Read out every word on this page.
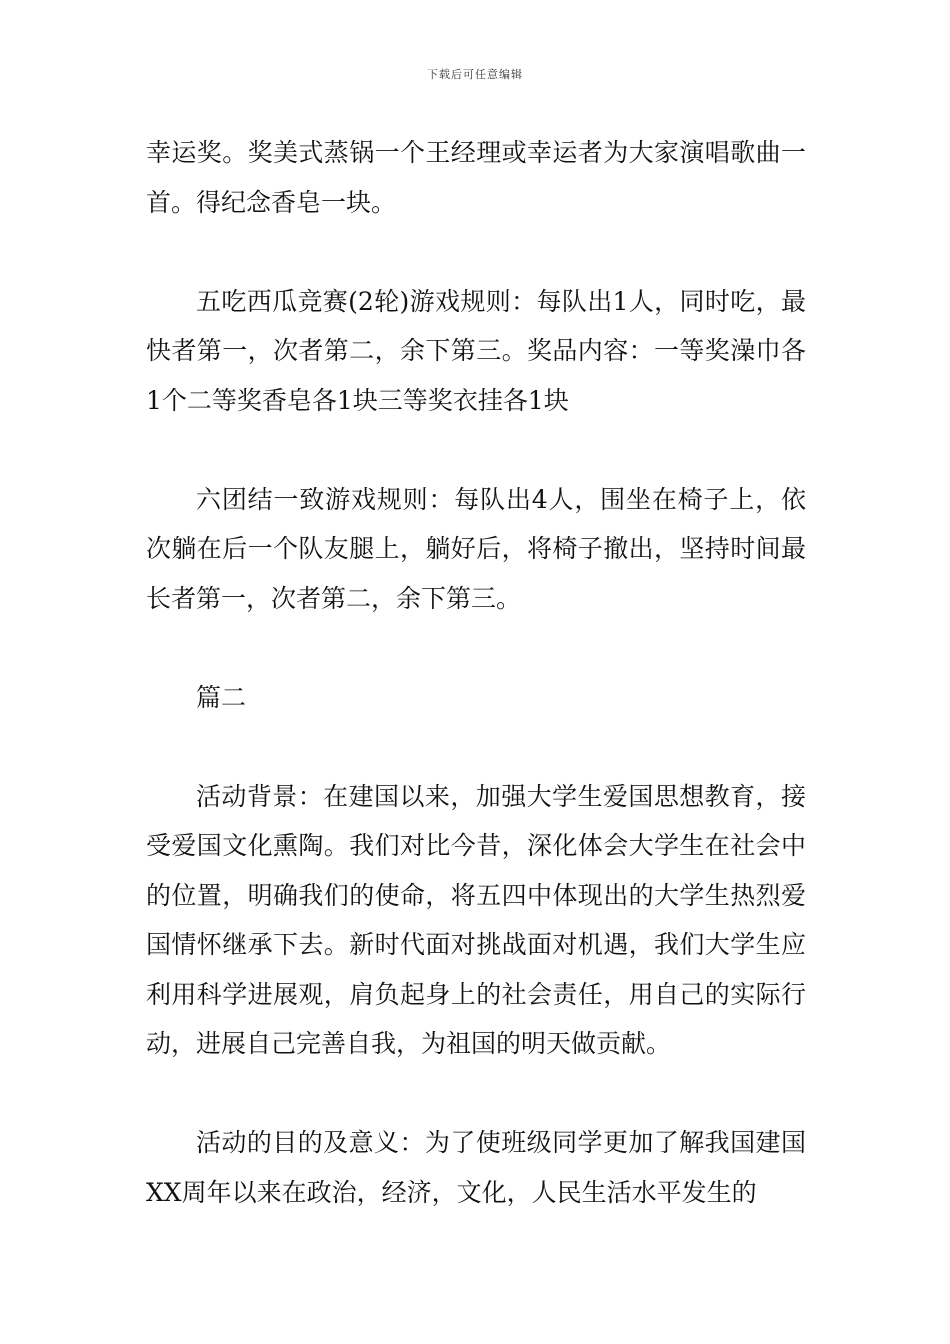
下载后可任意编辑

幸运奖。奖美式蒸锅一个王经理或幸运者为大家演唱歌曲一首。得纪念香皂一块。

五吃西瓜竞赛(2轮)游戏规则：每队出1人，同时吃，最快者第一，次者第二，余下第三。奖品内容：一等奖澡巾各1个二等奖香皂各1块三等奖衣挂各1块

六团结一致游戏规则：每队出4人，围坐在椅子上，依次躺在后一个队友腿上，躺好后，将椅子撤出，坚持时间最长者第一，次者第二，余下第三。

篇二

活动背景：在建国以来，加强大学生爱国思想教育，接受爱国文化熏陶。我们对比今昔，深化体会大学生在社会中的位置，明确我们的使命，将五四中体现出的大学生热烈爱国情怀继承下去。新时代面对挑战面对机遇，我们大学生应利用科学进展观，肩负起身上的社会责任，用自己的实际行动，进展自己完善自我，为祖国的明天做贡献。

活动的目的及意义：为了使班级同学更加了解我国建国XX周年以来在政治，经济，文化，人民生活水平发生的
